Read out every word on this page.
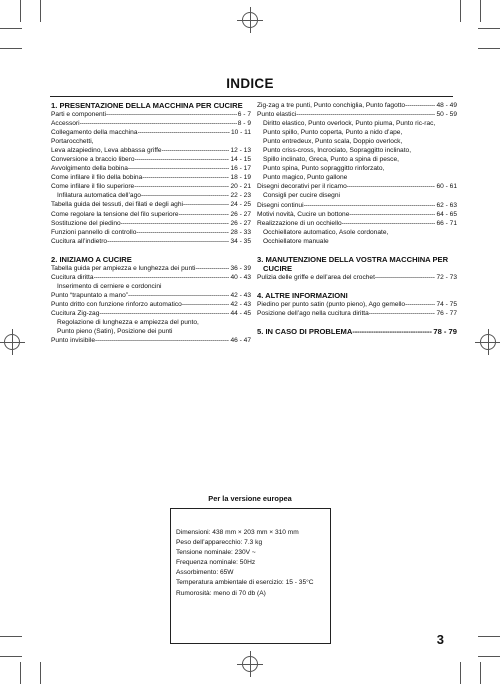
INDICE
1. PRESENTAZIONE DELLA MACCHINA PER CUCIRE
Parti e componenti -----	6 - 7
Accessori -----	8 - 9
Collegamento della macchina -----	10 - 11
Portarocchetti,
Leva alzapiedino, Leva abbassa griffe -----	12 - 13
Conversione a braccio libero -----	14 - 15
Avvolgimento della bobina -----	16 - 17
Come infilare il filo della bobina -----	18 - 19
Come infilare il filo superiore -----	20 - 21
Infilatura automatica dell’ago -----	22 - 23
Tabella guida dei tessuti, dei filati e degli aghi -----	24 - 25
Come regolare la tensione del filo superiore -----	26 - 27
Sostituzione del piedino -----	26 - 27
Funzioni pannello di controllo -----	28 - 33
Cucitura all’indietro -----	34 - 35
2. INIZIAMO A CUCIRE
Tabella guida per ampiezza e lunghezza dei punti -----	36 - 39
Cucitura diritta -----	40 - 43
Inserimento di cerniere e cordoncini
Punto “trapuntato a mano” -----	42 - 43
Punto dritto con funzione rinforzo automatico -----	42 - 43
Cucitura Zig-zag -----	44 - 45
Regolazione di lunghezza e ampiezza del punto,
Punto pieno (Satin), Posizione dei punti
Punto invisibile -----	46 - 47
Zig-zag a tre punti, Punto conchiglia, Punto fagotto -----	48 - 49
Punto elastici -----	50 - 59
Diritto elastico, Punto overlock, Punto piuma, Punto ric-rac,
Punto spillo, Punto coperta, Punto a nido d’ape,
Punto entredeux, Punto scala, Doppio overlock,
Punto criss-cross, Incrociato, Sopraggitto inclinato,
Spillo inclinato, Greca, Punto a spina di pesce,
Punto spina, Punto sopraggitto rinforzato,
Punto magico, Punto gallone
Disegni decorativi per il ricamo -----	60 - 61
Consigli per cucire disegni
Disegni continui -----	62 - 63
Motivi novità, Cucire un bottone -----	64 - 65
Realizzazione di un occhiello -----	66 - 71
Occhiellatore automatico, Asole cordonate,
Occhiellatore manuale
3. MANUTENZIONE DELLA VOSTRA MACCHINA PER
CUCIRE
Pulizia delle griffe e dell’area del crochet -----	72 - 73
4. ALTRE INFORMAZIONI
Piedino per punto satin (punto pieno), Ago gemello -----	74 - 75
Posizione dell’ago nella cucitura diritta -----	76 - 77
5. IN CASO DI PROBLEMA -----	78 - 79
Per la versione europea
Dimensioni: 438 mm × 203 mm × 310 mm
Peso dell’apparecchio: 7.3 kg
Tensione nominale: 230V ~
Frequenza nominale: 50Hz
Assorbimento: 65W
Temperatura ambientale di esercizio: 15 - 35°C
Rumorosità: meno di 70 db (A)
3
